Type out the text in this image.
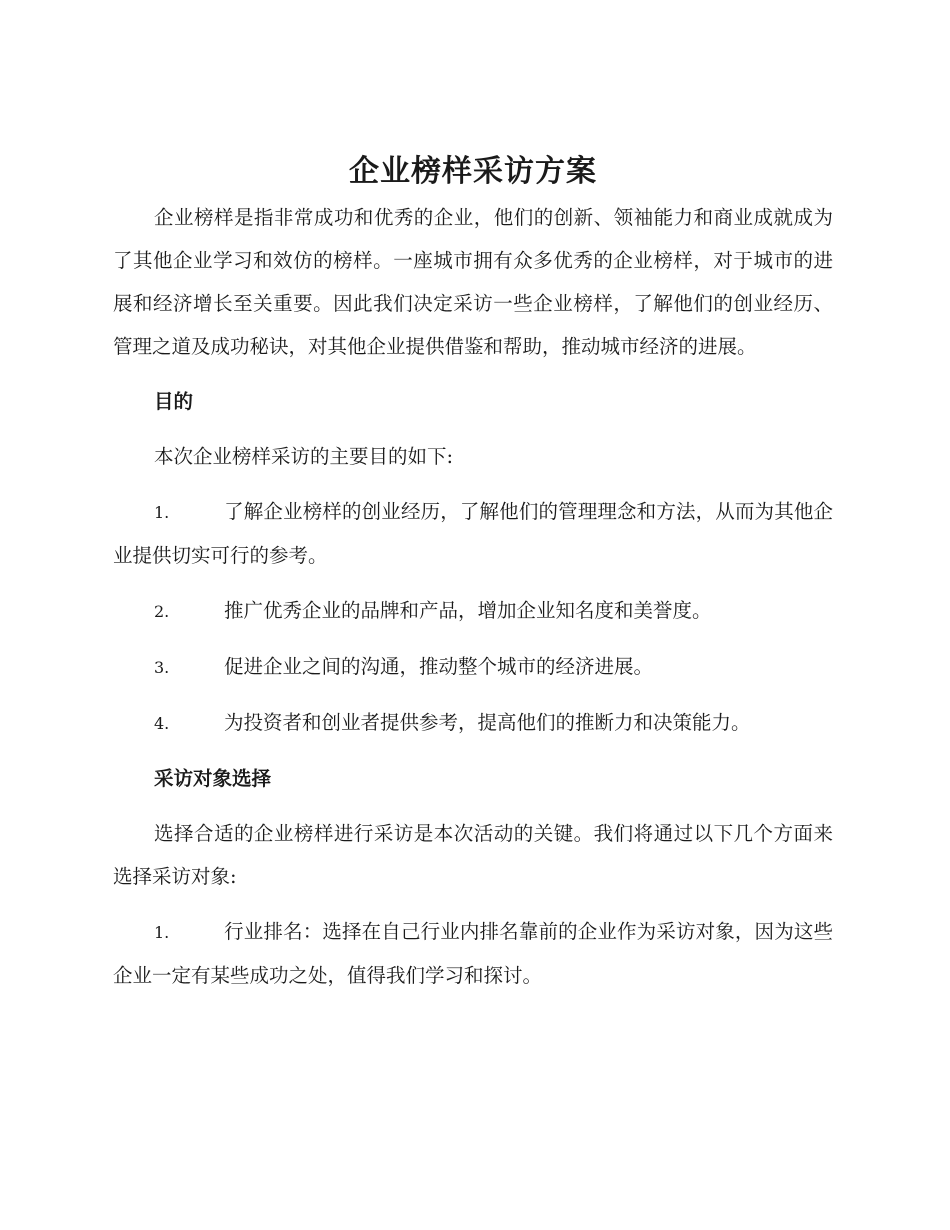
企业榜样采访方案

企业榜样是指非常成功和优秀的企业，他们的创新、领袖能力和商业成就成为了其他企业学习和效仿的榜样。一座城市拥有众多优秀的企业榜样，对于城市的进展和经济增长至关重要。因此我们决定采访一些企业榜样，了解他们的创业经历、管理之道及成功秘诀，对其他企业提供借鉴和帮助，推动城市经济的进展。

目的

本次企业榜样采访的主要目的如下:

1.	了解企业榜样的创业经历，了解他们的管理理念和方法，从而为其他企业提供切实可行的参考。

2.	推广优秀企业的品牌和产品，增加企业知名度和美誉度。

3.	促进企业之间的沟通，推动整个城市的经济进展。

4.	为投资者和创业者提供参考，提高他们的推断力和决策能力。

采访对象选择

选择合适的企业榜样进行采访是本次活动的关键。我们将通过以下几个方面来选择采访对象:

1.	行业排名：选择在自己行业内排名靠前的企业作为采访对象，因为这些企业一定有某些成功之处，值得我们学习和探讨。
